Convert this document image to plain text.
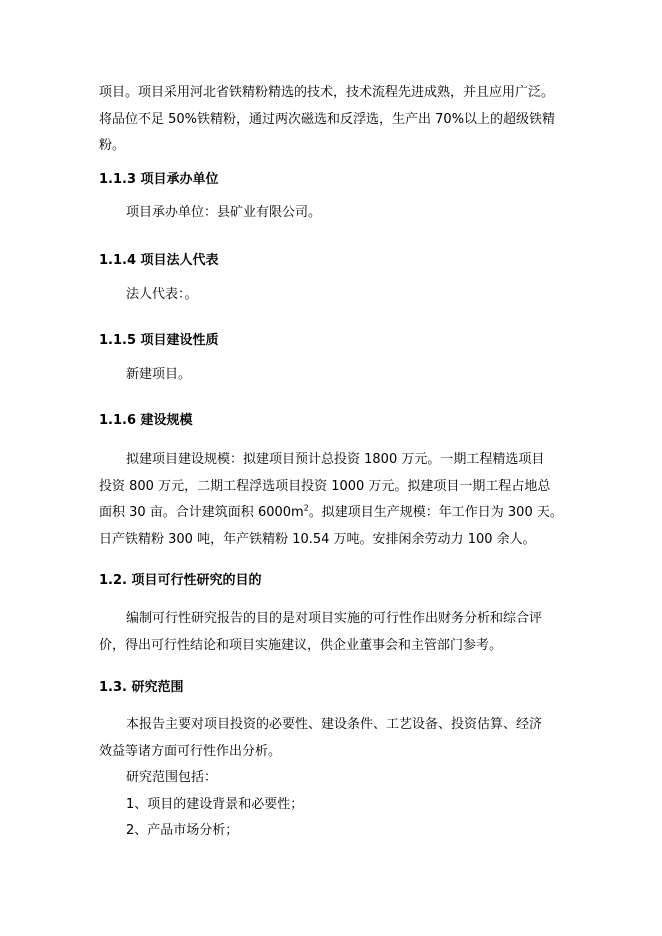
项目。项目采用河北省铁精粉精选的技术，技术流程先进成熟，并且应用广泛。
将品位不足 50%铁精粉，通过两次磁选和反浮选，生产出 70%以上的超级铁精
粉。
1.1.3 项目承办单位
项目承办单位：县矿业有限公司。
1.1.4 项目法人代表
法人代表：。
1.1.5 项目建设性质
新建项目。
1.1.6 建设规模
拟建项目建设规模：拟建项目预计总投资 1800 万元。一期工程精选项目
投资 800 万元，二期工程浮选项目投资 1000 万元。拟建项目一期工程占地总
面积 30 亩。合计建筑面积 $6000m^2$。拟建项目生产规模：年工作日为 300 天。
日产铁精粉 300 吨，年产铁精粉 10.54 万吨。安排闲余劳动力 100 余人。
1.2. 项目可行性研究的目的
编制可行性研究报告的目的是对项目实施的可行性作出财务分析和综合评
价，得出可行性结论和项目实施建议，供企业董事会和主管部门参考。
1.3. 研究范围
本报告主要对项目投资的必要性、建设条件、工艺设备、投资估算、经济
效益等诸方面可行性作出分析。
研究范围包括：
1、项目的建设背景和必要性；
2、产品市场分析；
